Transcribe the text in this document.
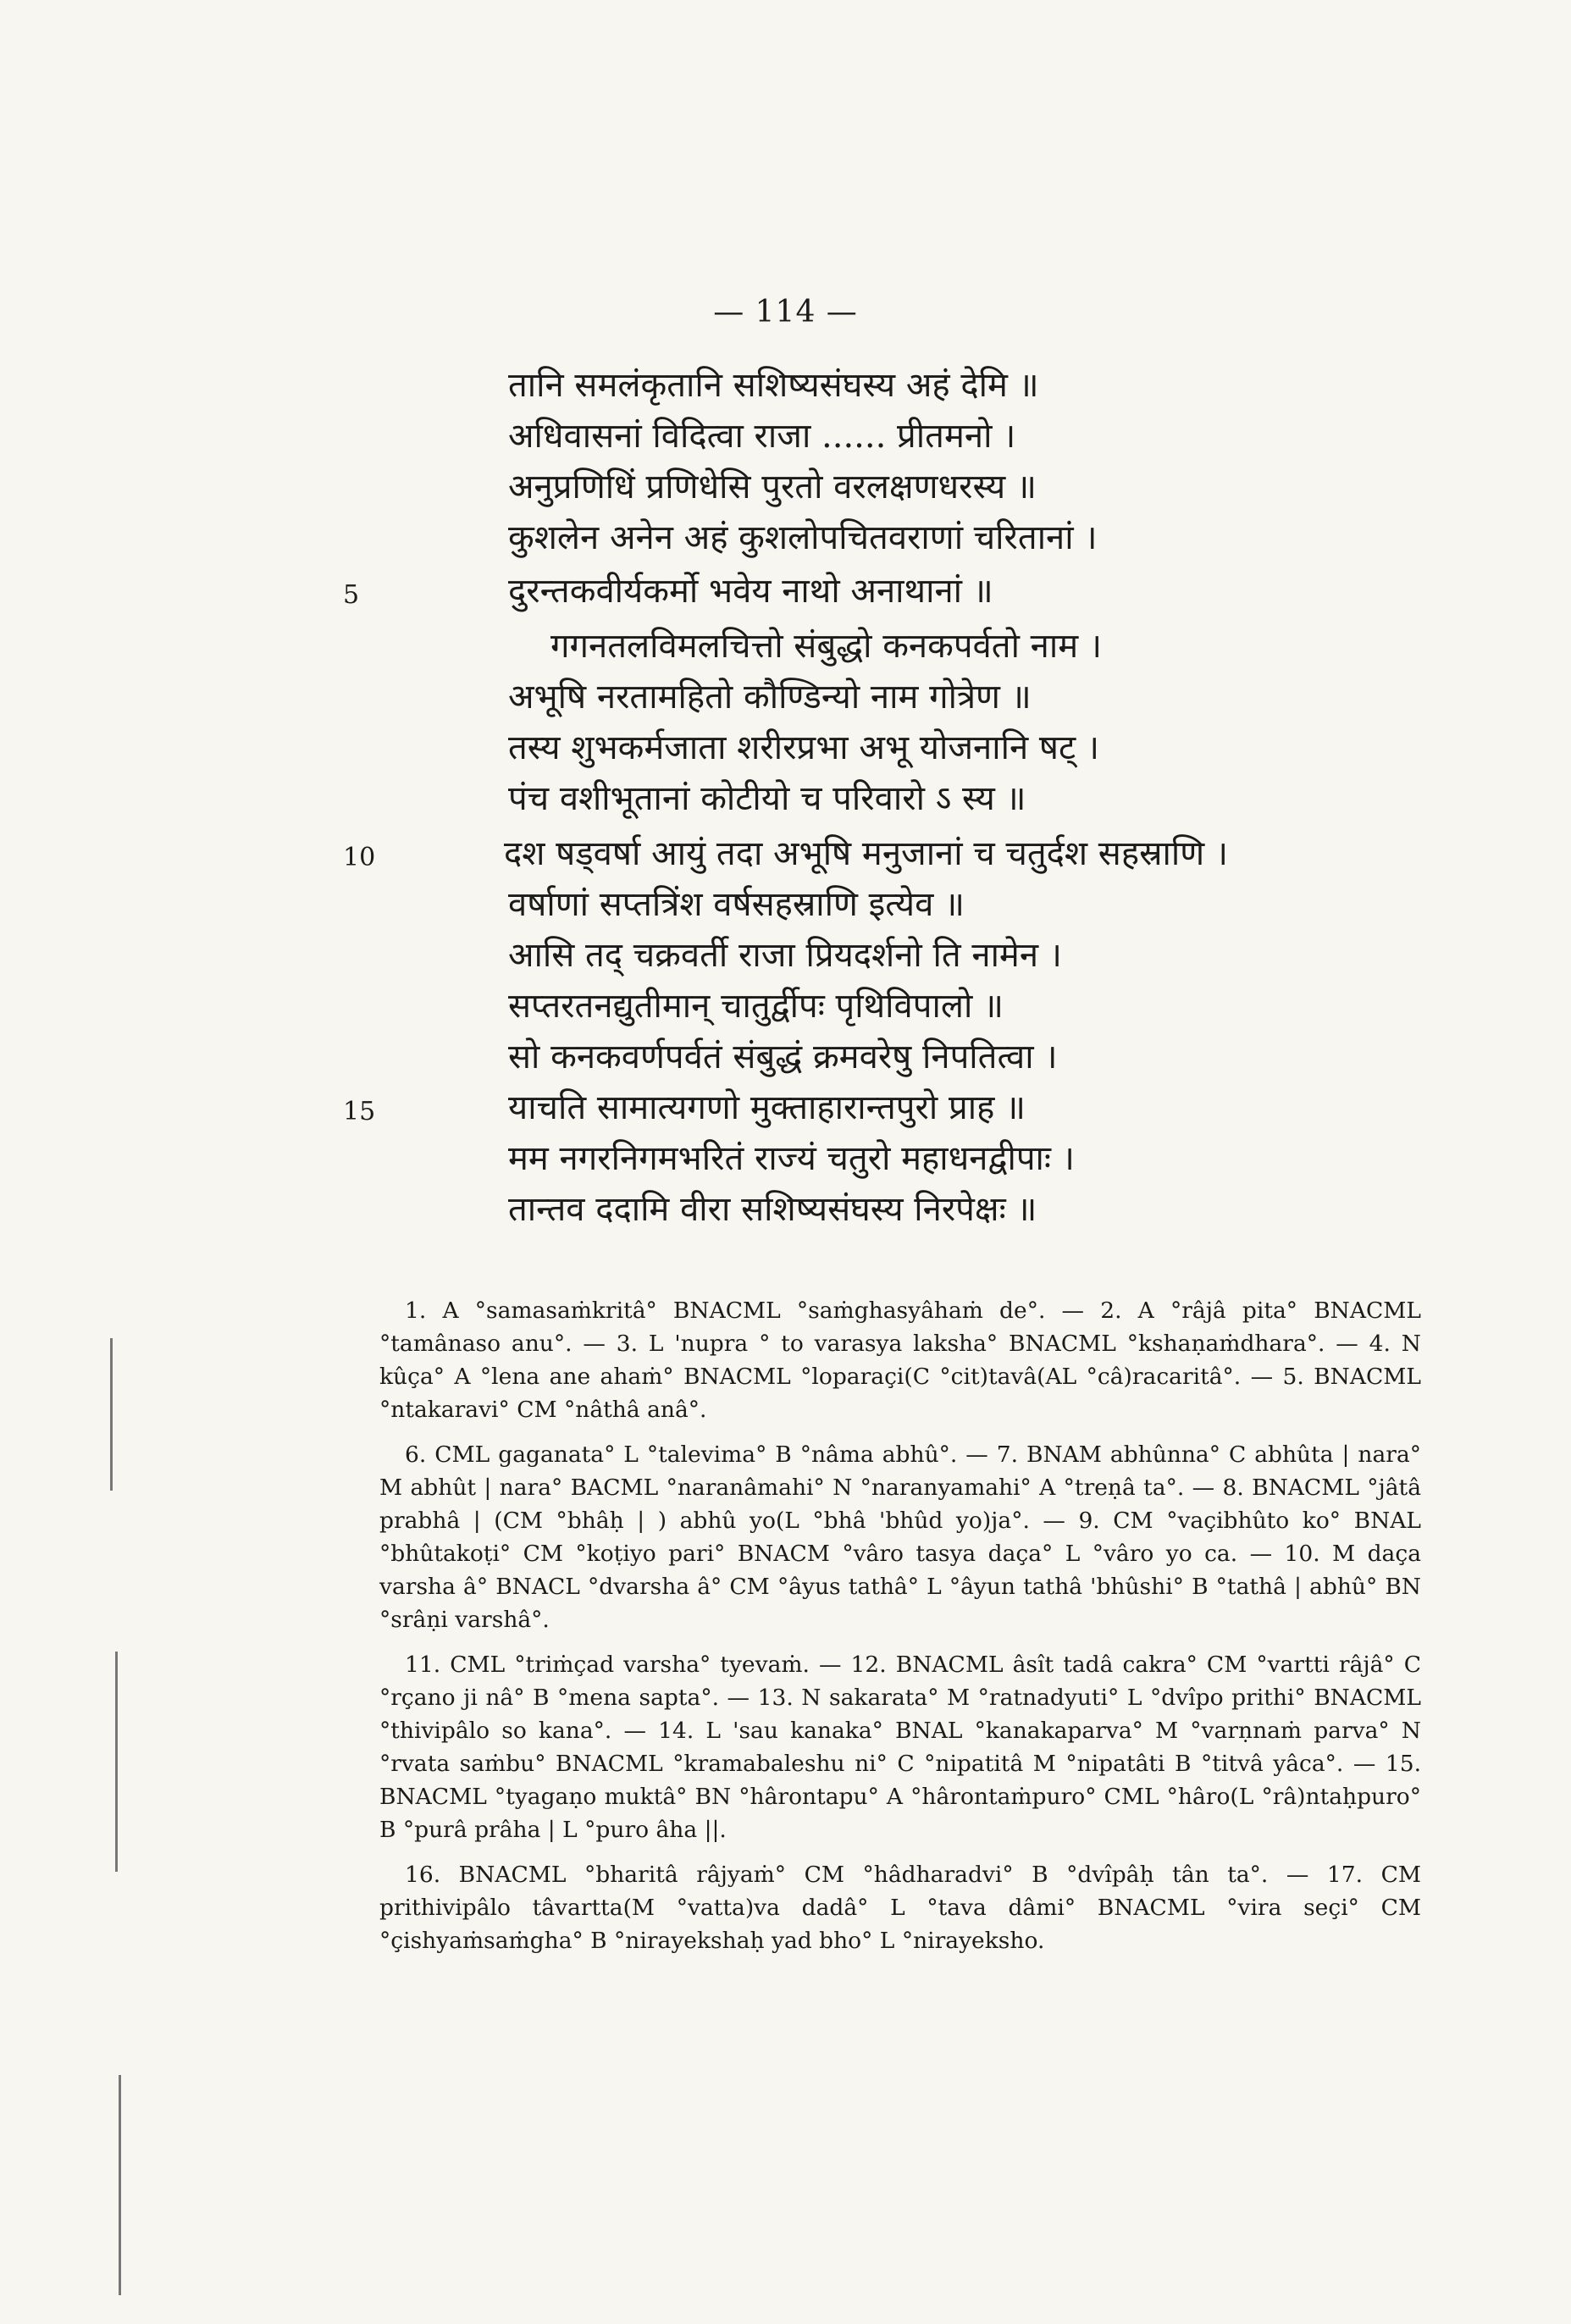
— 114 —
तानि समलंकृतानि सशिष्यसंघस्य अहं देमि ॥
अधिवासनां विदित्वा राजा ...... प्रीतमनो ।
अनुप्रणिधिं प्रणिधेसि पुरतो वरलक्षणधरस्य ॥
कुशलेन अनेन अहं कुशलोपचितवराणां चरितानां ।
5	दुरन्तकवीर्यकर्मो भवेय नाथो अनाथानां ॥
गगनतलविमलचित्तो संबुद्धो कनकपर्वतो नाम ।
अभूषि नरतामहितो कौण्डिन्यो नाम गोत्रेण ॥
तस्य शुभकर्मजाता शरीरप्रभा अभू योजनानि षट् ।
पंच वशीभूतानां कोटीयो च परिवारो ऽ स्य ॥
10	दश षड्वर्षा आयुं तदा अभूषि मनुजानां च चतुर्दश सहस्राणि ।
वर्षाणां सप्तत्रिंश वर्षसहस्राणि इत्येव ॥
आसि तद् चक्रवर्ती राजा प्रियदर्शनो ति नामेन ।
सप्तरतनद्युतीमान् चातुर्द्वीपः पृथिविपालो ॥
सो कनकवर्णपर्वतं संबुद्धं क्रमवरेषु निपतित्वा ।
15	याचति सामात्यगणो मुक्ताहारान्तपुरो प्राह ॥
मम नगरनिगमभरितं राज्यं चतुरो महाधनद्वीपाः ।
तान्तव ददामि वीरा सशिष्यसंघस्य निरपेक्षः ॥

1. A °samasaṁkritâ° BNACML °saṁghasyâhaṁ de°. — 2. A °râjâ pita° BNACML °tamânaso anu°. — 3. L 'nupra ° to varasya laksha° BNACML °kshaṇaṁdhara°. — 4. N kûça° A °lena ane ahaṁ° BNACML °loparaçi(C °cit)tavâ(AL °câ)racaritâ°. — 5. BNACML °ntakaravi° CM °nâthâ anâ°.

6. CML gaganata° L °talevima° B °nâma abhû°. — 7. BNAM abhûnna° C abhûta | nara° M abhût | nara° BACML °naranâmahi° N °naranyamahi° A °treṇâ ta°. — 8. BNACML °jâtâ prabhâ | (CM °bhâḥ | ) abhû yo(L °bhâ 'bhûd yo)ja°. — 9. CM °vaçibhûto ko° BNAL °bhûtakoṭi° CM °koṭiyo pari° BNACM °vâro tasya daça° L °vâro yo ca. — 10. M daça varsha â° BNACL °dvarsha â° CM °âyus tathâ° L °âyun tathâ 'bhûshi° B °tathâ | abhû° BN °srâṇi varshâ°.

11. CML °triṁçad varsha° tyevaṁ. — 12. BNACML âsît tadâ cakra° CM °vartti râjâ° C °rçano ji nâ° B °mena sapta°. — 13. N sakarata° M °ratnadyuti° L °dvîpo prithi° BNACML °thivipâlo so kana°. — 14. L 'sau kanaka° BNAL °kanakaparva° M °varṇnaṁ parva° N °rvata saṁbu° BNACML °kramabaleshu ni° C °nipatitâ M °nipatâti B °titvâ yâca°. — 15. BNACML °tyagaṇo muktâ° BN °hârontapu° A °hârontaṁpuro° CML °hâro(L °râ)ntaḥpuro° B °purâ prâha | L °puro âha ||.

16. BNACML °bharitâ râjyaṁ° CM °hâdharadvi° B °dvîpâḥ tân ta°. — 17. CM prithivipâlo tâvartta(M °vatta)va dadâ° L °tava dâmi° BNACML °vira seçi° CM °çishyaṁsaṁgha° B °nirayekshaḥ yad bho° L °nirayeksho.
